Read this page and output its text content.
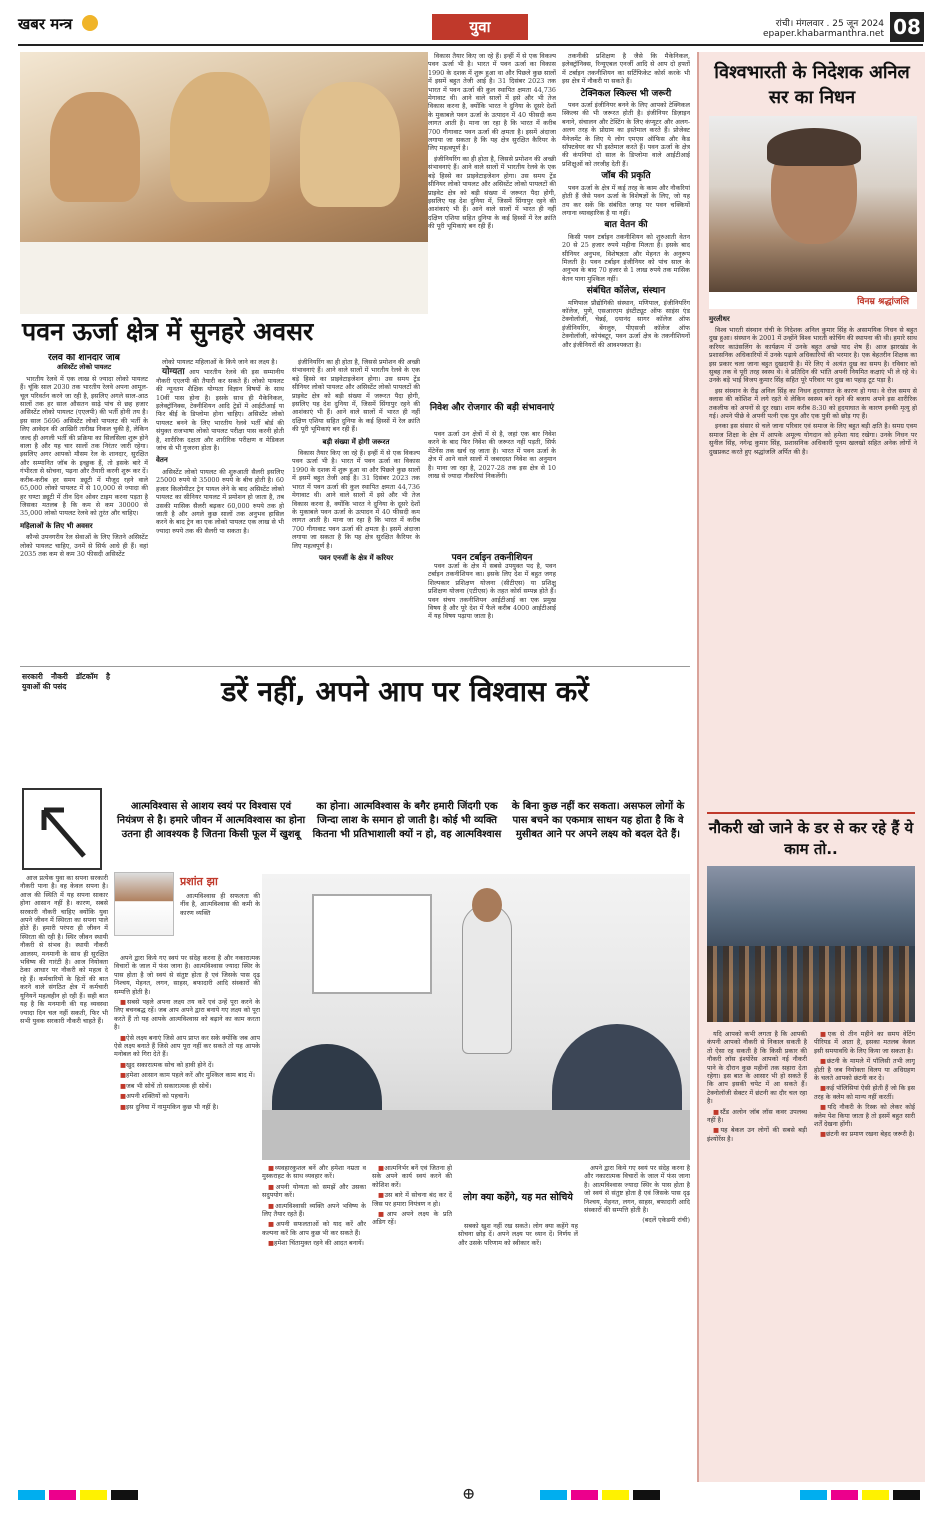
खबर मन्त्र	युवा	रांची। मंगलवार . 25 जून 2024
epaper.khabarmanthra.net 08
पवन ऊर्जा क्षेत्र में सुनहरे अवसर
रेलवे की शानदार जॉब
असिस्टेंट लोको पायलट

भारतीय रेलवे में एक लाख से ज्यादा लोको पायलट हैं। चूंकि साल 2030 तक भारतीय रेलवे अपना आमूल-चूल परिवर्तन करने जा रही है, इसलिए अगले साल-आठ सालों तक हर साल औसतन साढ़े पांच से छह हजार असिस्टेंट लोको पायलट (एएलपी) की भर्ती होनी तय है। इस साल 5696 असिस्टेंट लोको पायलट की भर्ती के लिए आवेदन की आखिरी तारीख निकल चुकी है, लेकिन जल्द ही अगली भर्ती की प्रक्रिया का सिलसिला शुरू होने वाला है और यह चार सालों तक निरंतर जारी रहेगा। इसलिए अगर आपको मौसम रेल के शानदार, सुरक्षित और सम्मानित जॉब के इच्छुक हैं, तो इसके बारे में गंभीरता से सोचना, पढ़ना और तैयारी करनी शुरू कर दें। करीब-करीब हर समय ड्यूटी में मौजूद रहने वाले 65,000 लोको पायलट में से 10,000 से ज्यादा की हर घण्टा ड्यूटी में तीन दिन ओवर टाइम करना पड़ता है जिसका मतलब है कि कम से कम 30000 से 35,000 लोको पायलट रेलवे को तुरंत और चाहिए।

महिलाओं के लिए भी अवसर

कौन्से उपनगरीय रेल सेवाओं के लिए जितने असिस्टेंट लोको पायलट चाहिए, उनमें से सिर्फ आधे ही हैं। वहां 2035 तक कम से कम 30 फीसदी असिस्टेंट

लोको पायलट महिलाओं के किये जाने का लक्ष्य है।

योग्यता आप भारतीय रेलवे की इस सम्मानीय नौकरी एएलपी की तैयारी कर सकते हैं। लोको पायलट की न्यूनतम शैक्षिक योग्यता विज्ञान विषयों के साथ 10वीं पास होना है। इसके साथ ही मैकेनिकल, इलेक्ट्रॉनिक्स, टेक्नीशियन आदि ट्रेडों में आईटीआई या फिर बीई के डिप्लोमा होना चाहिए। असिस्टेंट लोको पायलट बनने के लिए भारतीय रेलवे भर्ती बोर्ड की संयुक्त राजभाषा लोको पायलट परीक्षा पास करनी होती है, शारीरिक दक्षता और शारीरिक परीक्षण व मेडिकल जांच से भी गुजरना होता है।

वेतन

असिस्टेंट लोको पायलट की शुरुआती सैलरी इसलिए 25000 रुपये से 35000 रुपये के बीच होती है। 60 हजार किलोमीटर ट्रेन पायल लेने के बाद असिस्टेंट लोको पायलट का सीनियर पायलट में प्रमोशन हो जाता है, तब उसकी मासिक सैलरी बढ़कर 60,000 रुपये तक हो जाती है और अगले कुछ सालों तक अनुभव हासिल करने के बाद ट्रेन का एक लोको पायलट एक लाख से भी ज्यादा रुपये तक की सैलरी पा सकता है।

इंजीनियरिंग का ही होता है, जिससे प्रमोशन की अच्छी संभावनाएं हैं। आने वाले सालों में भारतीय रेलवे के एक बड़े हिस्से का प्राइवेटाइजेशन होगा। उस समय ट्रेंड सीनियर लोको पायलट और असिस्टेंट लोको पायलटों की प्राइवेट क्षेत्र को बड़ी संख्या में जरूरत पैदा होगी, इसलिए यह देश दुनिया में, जिसमें सिंगापुर रहने की आशंकाएं भी हैं। आने वाले सालों में भारत ही नहीं दक्षिण एशिया सहित दुनिया के कई हिस्सों में रेल क्रांति की पूरी भूमिकाएं बन रही हैं।

बड़ी संख्या में होगी जरूरत

विकास तैयार किए जा रहे हैं। इन्हीं में से एक विकल्प पवन ऊर्जा भी है। भारत में पवन ऊर्जा का विकास 1990 के दशक में शुरू हुआ था और पिछले कुछ सालों में इसमें बहुत तेजी आई है। 31 दिसंबर 2023 तक भारत में पवन ऊर्जा की कुल स्थापित क्षमता 44,736 मेगावाट थी। आने वाले सालों में इसे और भी तेज विकास करना है, क्योंकि भारत ने दुनिया के दूसरे देशों के मुकाबले पवन ऊर्जा के उत्पादन में 40 फीसदी कम लागत आती है। माना जा रहा है कि भारत में करीब 700 गीगावाट पवन ऊर्जा की क्षमता है। इसमें अंदाजा लगाया जा सकता है कि यह क्षेत्र सुरक्षित कैरियर के लिए महत्वपूर्ण है।

पवन एनर्जी के क्षेत्र में करियर

विकास तैयार किए जा रहे हैं। इन्हीं में से एक विकल्प पवन ऊर्जा भी है। भारत में पवन ऊर्जा का विकास 1990 के दशक में शुरू हुआ था और पिछले कुछ सालों में इसमें बहुत तेजी आई है। 31 दिसंबर 2023 तक भारत में पवन ऊर्जा की कुल स्थापित क्षमता 44,736 मेगावाट थी। आने वाले सालों में इसे और भी तेज विकास करना है, क्योंकि भारत ने दुनिया के दूसरे देशों के मुकाबले पवन ऊर्जा के उत्पादन में 40 फीसदी कम लागत आती है। माना जा रहा है कि भारत में करीब 700 गीगावाट पवन ऊर्जा की क्षमता है। इसमें अंदाजा लगाया जा सकता है कि यह क्षेत्र सुरक्षित कैरियर के लिए महत्वपूर्ण है।

इंजीनियरिंग का ही होता है, जिससे प्रमोशन की अच्छी संभावनाएं हैं। आने वाले सालों में भारतीय रेलवे के एक बड़े हिस्से का प्राइवेटाइजेशन होगा। उस समय ट्रेंड सीनियर लोको पायलट और असिस्टेंट लोको पायलटों की प्राइवेट क्षेत्र को बड़ी संख्या में जरूरत पैदा होगी, इसलिए यह देश दुनिया में, जिसमें सिंगापुर रहने की आशंकाएं भी हैं। आने वाले सालों में भारत ही नहीं दक्षिण एशिया सहित दुनिया के कई हिस्सों में रेल क्रांति की पूरी भूमिकाएं बन रही हैं।

निवेश और रोजगार की बड़ी संभावनाएं

पवन ऊर्जा उन क्षेत्रों में से है, जहां एक बार निवेश करने के बाद फिर निवेश की जरूरत नहीं पड़ती, सिर्फ मेंटेनेंस तक खर्च रह जाता है। भारत में पवन ऊर्जा के क्षेत्र में आने वाले सालों में जबरदस्त निवेश का अनुमान है। माना जा रहा है, 2027-28 तक इस क्षेत्र से 10 लाख से ज्यादा नौकरियां निकलेंगी।

पवन टर्बाइन तकनीशियन

पवन ऊर्जा के क्षेत्र में सबसे उपयुक्त पद है, पवन टर्बाइन तकनीशियन का। इसके लिए देश में बहुत जगह शिल्पकार प्रशिक्षण योजना (सीटीएस) या प्रशिक्षु प्रशिक्षण योजना (एटीएस) के तहत कोर्स सम्पन्न होते हैं। पवन संचय तकनीशियन आईटीआई का एक प्रमुख विषय है और पूरे देश में फैले करीब 4000 आईटीआई में यह विषय पढ़ाया जाता है।

तकनीकी प्रशिक्षण है जैसे कि मैकेनिकल, इलेक्ट्रॉनिक्स, रिन्यूएबल एनर्जी आदि से आप दो हफ्तों में टर्बाइन तकनीशियन का सर्टिफिकेट कोर्स करके भी इस क्षेत्र में नौकरी पा सकते हैं।

टेक्निकल स्किल्स भी जरूरी

पवन ऊर्जा इंजीनियर बनने के लिए आपको टेक्निकल स्किल्स की भी जरूरत होती है। इंजीनियर डिज़ाइन बनाने, संचालन और टेस्टिंग के लिए कंप्यूटर और अलग-अलग तरह के प्रोग्राम का इस्तेमाल करते हैं। प्रोजेक्ट मैनेजमेंट के लिए ये लोग एमएस ऑफिस और कैड सॉफ्टवेयर का भी इस्तेमाल करते हैं। पवन ऊर्जा के क्षेत्र की कंपनियां दो साल के डिप्लोमा वाले आईटीआई प्रशिक्षुओं को तरजीह देती हैं।

जॉब की प्रकृति

पवन ऊर्जा के क्षेत्र में कई तरह के काम और नौकरियां होती हैं जैसे पवन ऊर्जा के विशेषज्ञों के लिए, जो यह तय कर सकें कि संबंधित जगह पर पवन चक्कियों लगाना व्यावहारिक है या नहीं।

बात वेतन की

किसी पवन टर्बाइन तकनीशियन को शुरुआती वेतन 20 से 25 हजार रुपये महीना मिलता है। इसके बाद सीनियर अनुभव, विशेषज्ञता और मेहनत के अनुरूप मिलती है। पवन टर्बाइन इंजीनियर को पांच साल के अनुभव के बाद 70 हजार से 1 लाख रुपये तक मासिक वेतन पाना मुश्किल नहीं।

संबंधित कॉलेज, संस्थान

मणिपाल प्रौद्योगिकी संस्थान, मणिपाल, इंजीनियरिंग कॉलेज, पुणे, एसआरएम इंस्टीट्यूट ऑफ साइंस एंड टेक्नोलॉजी, चेन्नई, दयानंद सागर कॉलेज ऑफ इंजीनियरिंग, बेंगलुरु, पीएसजी कॉलेज ऑफ टेक्नोलॉजी, कोयंबटूर, पवन ऊर्जा क्षेत्र के तकनीशियनों और इंजीनियरों की आवश्यकता है।

विश्वभारती के निदेशक अनिल सर का निधन
विनम्र श्रद्धांजलि
मुरलीधर

विश्व भारती संस्थान रांची के निदेशक अनिल कुमार सिंह के असामयिक निधन से बहुत दुख हुआ। संस्थान के 2001 में उन्होंने विश्व भारती कोचिंग की स्थापना की थी। हमारे साथ करियर काउंसलिंग के कार्यक्रम में उनके बहुत अच्छे याद शेष हैं। आज झारखंड के प्रशासनिक अधिकारियों में उनके पढ़ाये अधिकारियों की भरमार है। एक बेहतरीन शिक्षक का इस प्रकार चला जाना बहुत दुखदायी है। मेरे लिए ये अत्यंत दुख का समय है। रविवार को सुबह तक वे पूरी तरह स्वस्थ थे। वे प्रतिदिन की भांति अपनी नियमित कक्षाएं भी ले रहे थे। उनके बड़े भाई विजय कुमार सिंह सहित पूरे परिवार पर दुख का पहाड़ टूट पड़ा है।

इस संस्थान के रीढ़ अनिल सिंह का निधन हृदयाघात के कारण हो गया। वे रोज समय से क्लास की कोशिश में लगे रहते थे लेकिन स्वस्थ्य बने रहने की बजाय अपने इस शारीरिक तकलीफ को अपनों से दूर रखा। शाम करीब 8:30 को हृदयाघात के कारण इनकी मृत्यु हो गई। अपने पीछे वे अपनी पत्नी एक पुत्र और एक पुत्री को छोड़ गए हैं।

इनका इस संसार से चले जाना परिवार एवं समाज के लिए बहुत बड़ी क्षति है। समग्र एवम समाज शिक्षा के क्षेत्र में आपके अमूल्य योगदान को हमेशा याद रखेगा। उनके निधन पर सुनील सिंह, नगेन्द्र कुमार सिंह, प्रशासनिक अधिकारी पूनम खलखो सहित अनेक लोगों ने दुखप्रकट करते हुए श्रद्धांजलि अर्पित की है।

नौकरी खो जाने के डर से कर रहे हैं ये काम तो..

यदि आपको कभी लगता है कि आपकी कंपनी आपको नौकरी से निकाल सकती है तो ऐसा रह सकती है कि किसी प्रकार की नौकरी लॉस इंश्योरेंस आपको नई नौकरी पाने के दौरान कुछ महीनों तक सहारा देता रहेगा। इस बात के आसार भी हो सकते हैं कि आप इसकी चपेट में आ सकते हैं। टेक्नोलॉजी सेक्टर में छंटनी का दौर चल रहा है।

■ स्टैंड अलोन जॉब लॉस कवर उपलब्ध नहीं है।

■ यह बेकल उन लोगों की सबसे बड़ी इंश्योरेंस है।

■ एक से तीन महीने का समय वेटिंग पीरियड में आता है, इसका मतलब केवल इसी समयावधि के लिए किया जा सकता है।

■ छंटनी के मामले में पॉलिसी तभी लागू होती है जब नियोक्ता विलय या अधिग्रहण के चलते आपको छंटनी कर दे।

■ कई पॉलिसियां ऐसी होती हैं जो कि इस तरह के क्लेम को मान्य नहीं करतीं।

■ यदि नौकरी के रिस्क को लेकर कोई क्लेम पेश किया जाता है तो इसमें बहुत सारी शर्तें देखना होंगी।

■ छंटनी का प्रमाण रखना बेहद जरूरी है।

सरकारी नौकरी डॉटकॉम है युवाओं की पसंद	डरें नहीं, अपने आप पर विश्वास करें
आत्मविश्वास से आशय स्वयं पर विश्वास एवं नियंत्रण से है। हमारे जीवन में आत्मविश्वास का होना उतना ही आवश्यक है जितना किसी फूल में खुशबू
का होना। आत्मविश्वास के बगैर हमारी जिंदगी एक जिन्दा लाश के समान हो जाती है। कोई भी व्यक्ति कितना भी प्रतिभाशाली क्यों न हो, वह आत्मविश्वास
के बिना कुछ नहीं कर सकता। असफल लोगों के पास बचने का एकमात्र साधन यह होता है कि वे मुसीबत आने पर अपने लक्ष्य को बदल देते हैं।

आज प्रत्येक युवा का सपना सरकारी नौकरी पाना है। वह केवल सपना है। आज की स्थिति में यह सपना साकार होना आसान नहीं है। कारण, सबसे सरकारी नौकरी चाहिए क्योंकि युवा अपने जीवन में स्थिरता का सपना पाले होते हैं। हमारी परंपरा ही जीवन में स्थिरता की रही है। स्थिर जीवन स्थायी नौकरी से संभव है। स्थायी नौकरी आलस्य, मनमानी के साथ ही सुरक्षित भविष्य की गारंटी है। आज नियोक्ता ठेका आधार पर नौकरी को महत्व दे रहे हैं। कर्मचारियों के हितों की बात करने वाले संगठित क्षेत्र में कर्मचारी यूनियनें महत्वहीन हो रही हैं। सही बात यह है कि मनमानी की यह व्यवस्था ज्यादा दिन चल नहीं सकती, फिर भी सभी युवक सरकारी नौकरी चाहते हैं।

प्रशांत झा

आत्मविश्वास ही सफलता की नींव है, आत्मविश्वास की कमी के कारण व्यक्ति

अपने द्वारा किये गए स्वयं पर संदेह करना है और नकारात्मक विचारों के जाल में फंस जाना है। आत्मविश्वास ज्यादा स्थिर के पास होता है जो स्वयं से संतुष्ट होता है एवं जिसके पास दृढ़ निश्चय, मेहनत, लगन, साहस, बफादारी आदि संस्कारों की सम्पत्ति होती है।

■ सबसे पहले अपना लक्ष्य तय करें एवं उन्हें पूरा करने के लिए बचनबद्ध रहें। जब आप अपने द्वारा बनाये गए लक्ष्य को पूरा करते हैं तो यह आपके आत्मविश्वास को बढ़ाने का काम करता है।

■ ऐसे लक्ष्य बनाएं जिसे आप प्राप्त कर सके क्योंकि जब आप ऐसे लक्ष्य बनाते हैं जिसे आप पूरा नहीं कर सकते तो यह आपके मनोबल को गिरा देते हैं।

■ खुद सकारात्मक सोच को हावी होने दें।

■ हमेशा आसान काम पहले करें और मुश्किल काम बाद में।

■ जब भी सोचें तो सकारात्मक ही सोचें।

■ अपनी शक्तियों को पहचानें।

■ इस दुनिया में नामुमकिन कुछ भी नहीं है।

■ व्यवहारकुशल बनें और हमेशा नम्रता व मुस्कराहट के साथ व्यवहार करें।

■ अपनी योग्यता को समझें और उसका सदुपयोग करें।

■ आत्मविश्वासी व्यक्ति अपने भविष्य के लिए तैयार रहते हैं।

■ अपनी सफलताओं को याद करें और कल्पना करें कि आप कुछ भी कर सकते हैं।

■ हमेशा चिंतामुक्त रहने की आदत बनायें।

■ आत्मनिर्भर बनें एवं जितना हो सके अपने कार्य स्वयं करने की कोशिश करें।

■ उस बारे में सोचना बंद कर दें जिस पर हमारा नियंत्रण न हो।

■ आप अपने लक्ष्य के प्रति अडिग रहें।

लोग क्या कहेंगे, यह मत सोचिये

सबको खुश नहीं रख सकते। लोग क्या कहेंगे यह सोचना छोड़ दें। अपने लक्ष्य पर ध्यान दें। निर्णय लें और उसके परिणाम को स्वीकार करें।

अपने द्वारा किये गए स्वयं पर संदेह करना है और नकारात्मक विचारों के जाल में फंस जाना है। आत्मविश्वास ज्यादा स्थिर के पास होता है जो स्वयं से संतुष्ट होता है एवं जिसके पास दृढ़ निश्चय, मेहनत, लगन, साहस, बफादारी आदि संस्कारों की सम्पत्ति होती है।

(बदलें एकेडमी रांची)

⊕
